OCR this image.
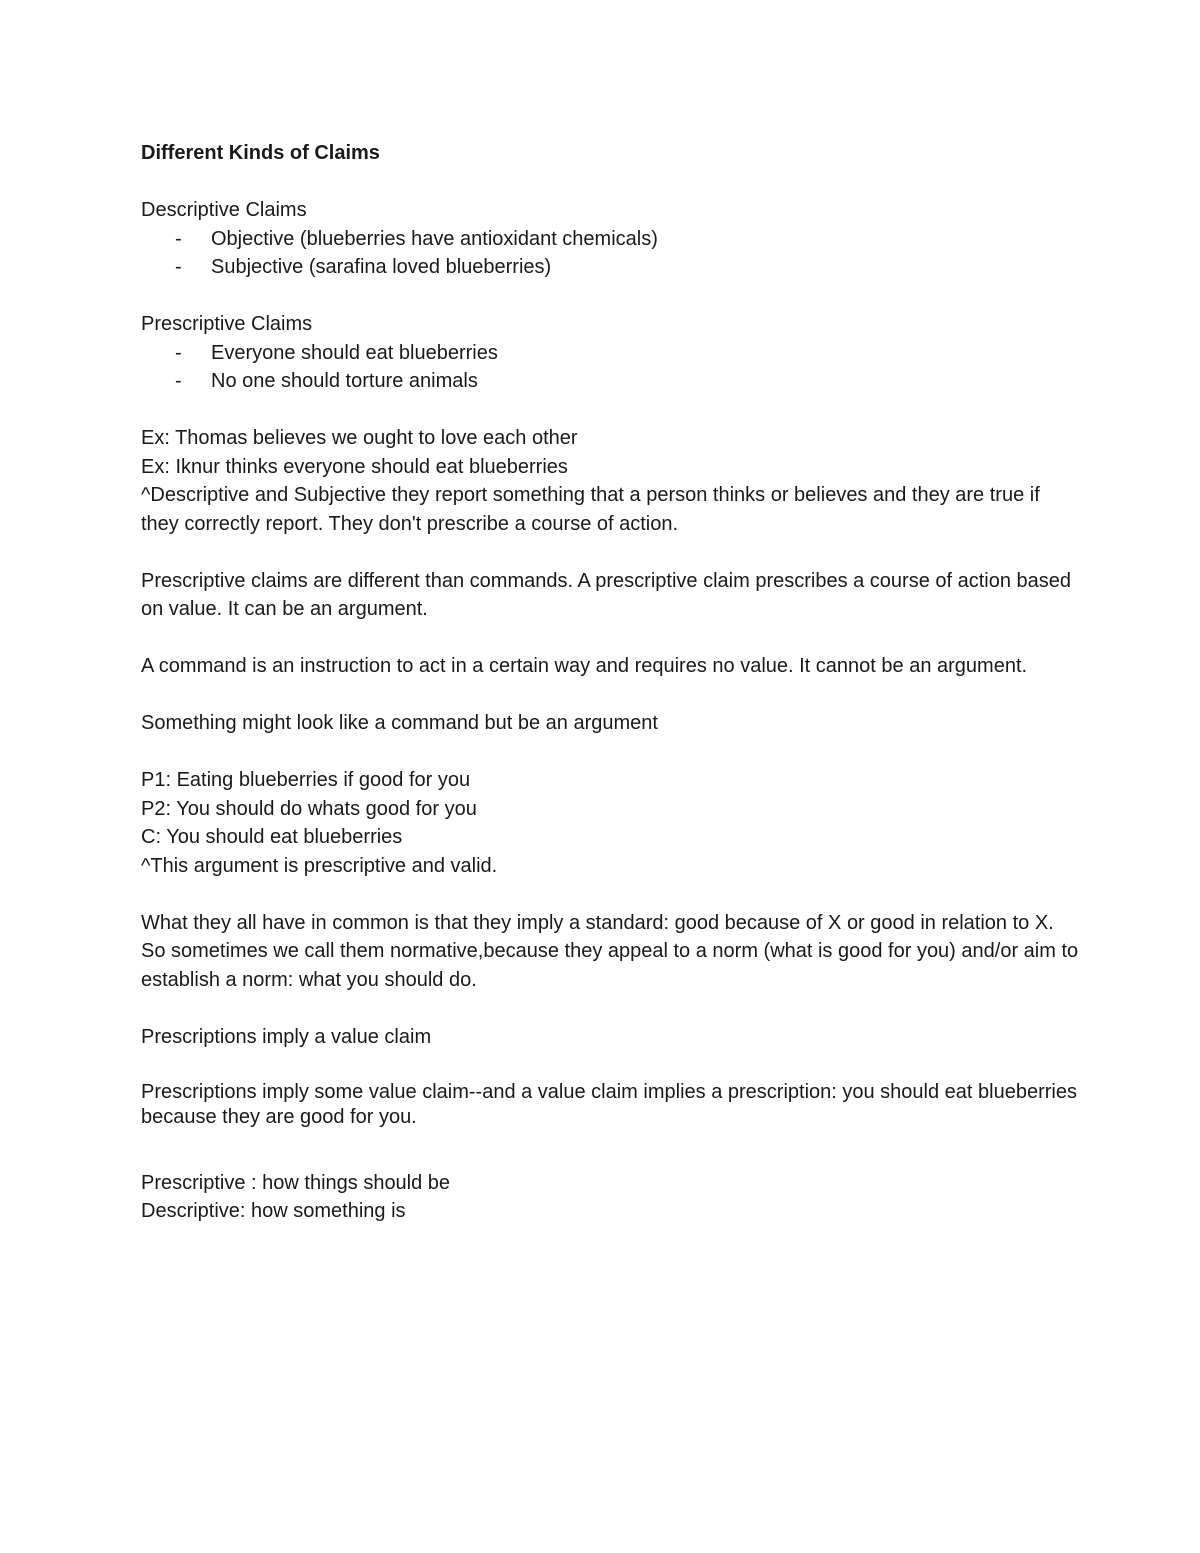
Different Kinds of Claims

Descriptive Claims

- Objective (blueberries have antioxidant chemicals)
- Subjective (sarafina loved blueberries)

Prescriptive Claims

- Everyone should eat blueberries
- No one should torture animals

Ex: Thomas believes we ought to love each other

Ex: Iknur thinks everyone should eat blueberries

^Descriptive and Subjective they report something that a person thinks or believes and they are true if they correctly report. They don't prescribe a course of action.

Prescriptive claims are different than commands. A prescriptive claim prescribes a course of action based on value. It can be an argument.

A command is an instruction to act in a certain way and requires no value. It cannot be an argument.

Something might look like a command but be an argument

P1: Eating blueberries if good for you

P2: You should do whats good for you

C: You should eat blueberries

^This argument is prescriptive and valid.

What they all have in common is that they imply a standard: good because of X or good in relation to X. So sometimes we call them normative,because they appeal to a norm (what is good for you) and/or aim to establish a norm: what you should do.

Prescriptions imply a value claim

Prescriptions imply some value claim--and a value claim implies a prescription: you should eat blueberries because they are good for you.

Prescriptive : how things should be

Descriptive: how something is
